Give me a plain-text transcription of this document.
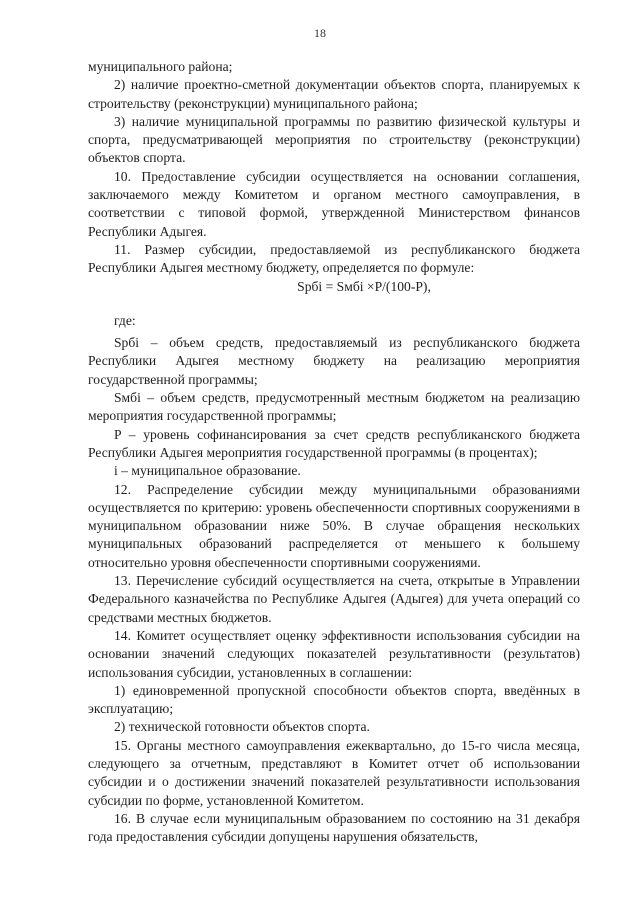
18

муниципального района;

2) наличие проектно-сметной документации объектов спорта, планируемых к строительству (реконструкции) муниципального района;

3) наличие муниципальной программы по развитию физической культуры и спорта, предусматривающей мероприятия по строительству (реконструкции) объектов спорта.

10. Предоставление субсидии осуществляется на основании соглашения, заключаемого между Комитетом и органом местного самоуправления, в соответствии с типовой формой, утвержденной Министерством финансов Республики Адыгея.

11. Размер субсидии, предоставляемой из республиканского бюджета Республики Адыгея местному бюджету, определяется по формуле:

Spбi = Sмбi ×P/(100-P),

где:

Spбi – объем средств, предоставляемый из республиканского бюджета Республики Адыгея местному бюджету на реализацию мероприятия государственной программы;

Sмбi – объем средств, предусмотренный местным бюджетом на реализацию мероприятия государственной программы;

P – уровень софинансирования за счет средств республиканского бюджета Республики Адыгея мероприятия государственной программы (в процентах);

i – муниципальное образование.

12. Распределение субсидии между муниципальными образованиями осуществляется по критерию: уровень обеспеченности спортивных сооружениями в муниципальном образовании ниже 50%. В случае обращения нескольких муниципальных образований распределяется от меньшего к большему относительно уровня обеспеченности спортивными сооружениями.

13. Перечисление субсидий осуществляется на счета, открытые в Управлении Федерального казначейства по Республике Адыгея (Адыгея) для учета операций со средствами местных бюджетов.

14. Комитет осуществляет оценку эффективности использования субсидии на основании значений следующих показателей результативности (результатов) использования субсидии, установленных в соглашении:

1) единовременной пропускной способности объектов спорта, введённых в эксплуатацию;

2) технической готовности объектов спорта.

15. Органы местного самоуправления ежеквартально, до 15-го числа месяца, следующего за отчетным, представляют в Комитет отчет об использовании субсидии и о достижении значений показателей результативности использования субсидии по форме, установленной Комитетом.

16. В случае если муниципальным образованием по состоянию на 31 декабря года предоставления субсидии допущены нарушения обязательств,
